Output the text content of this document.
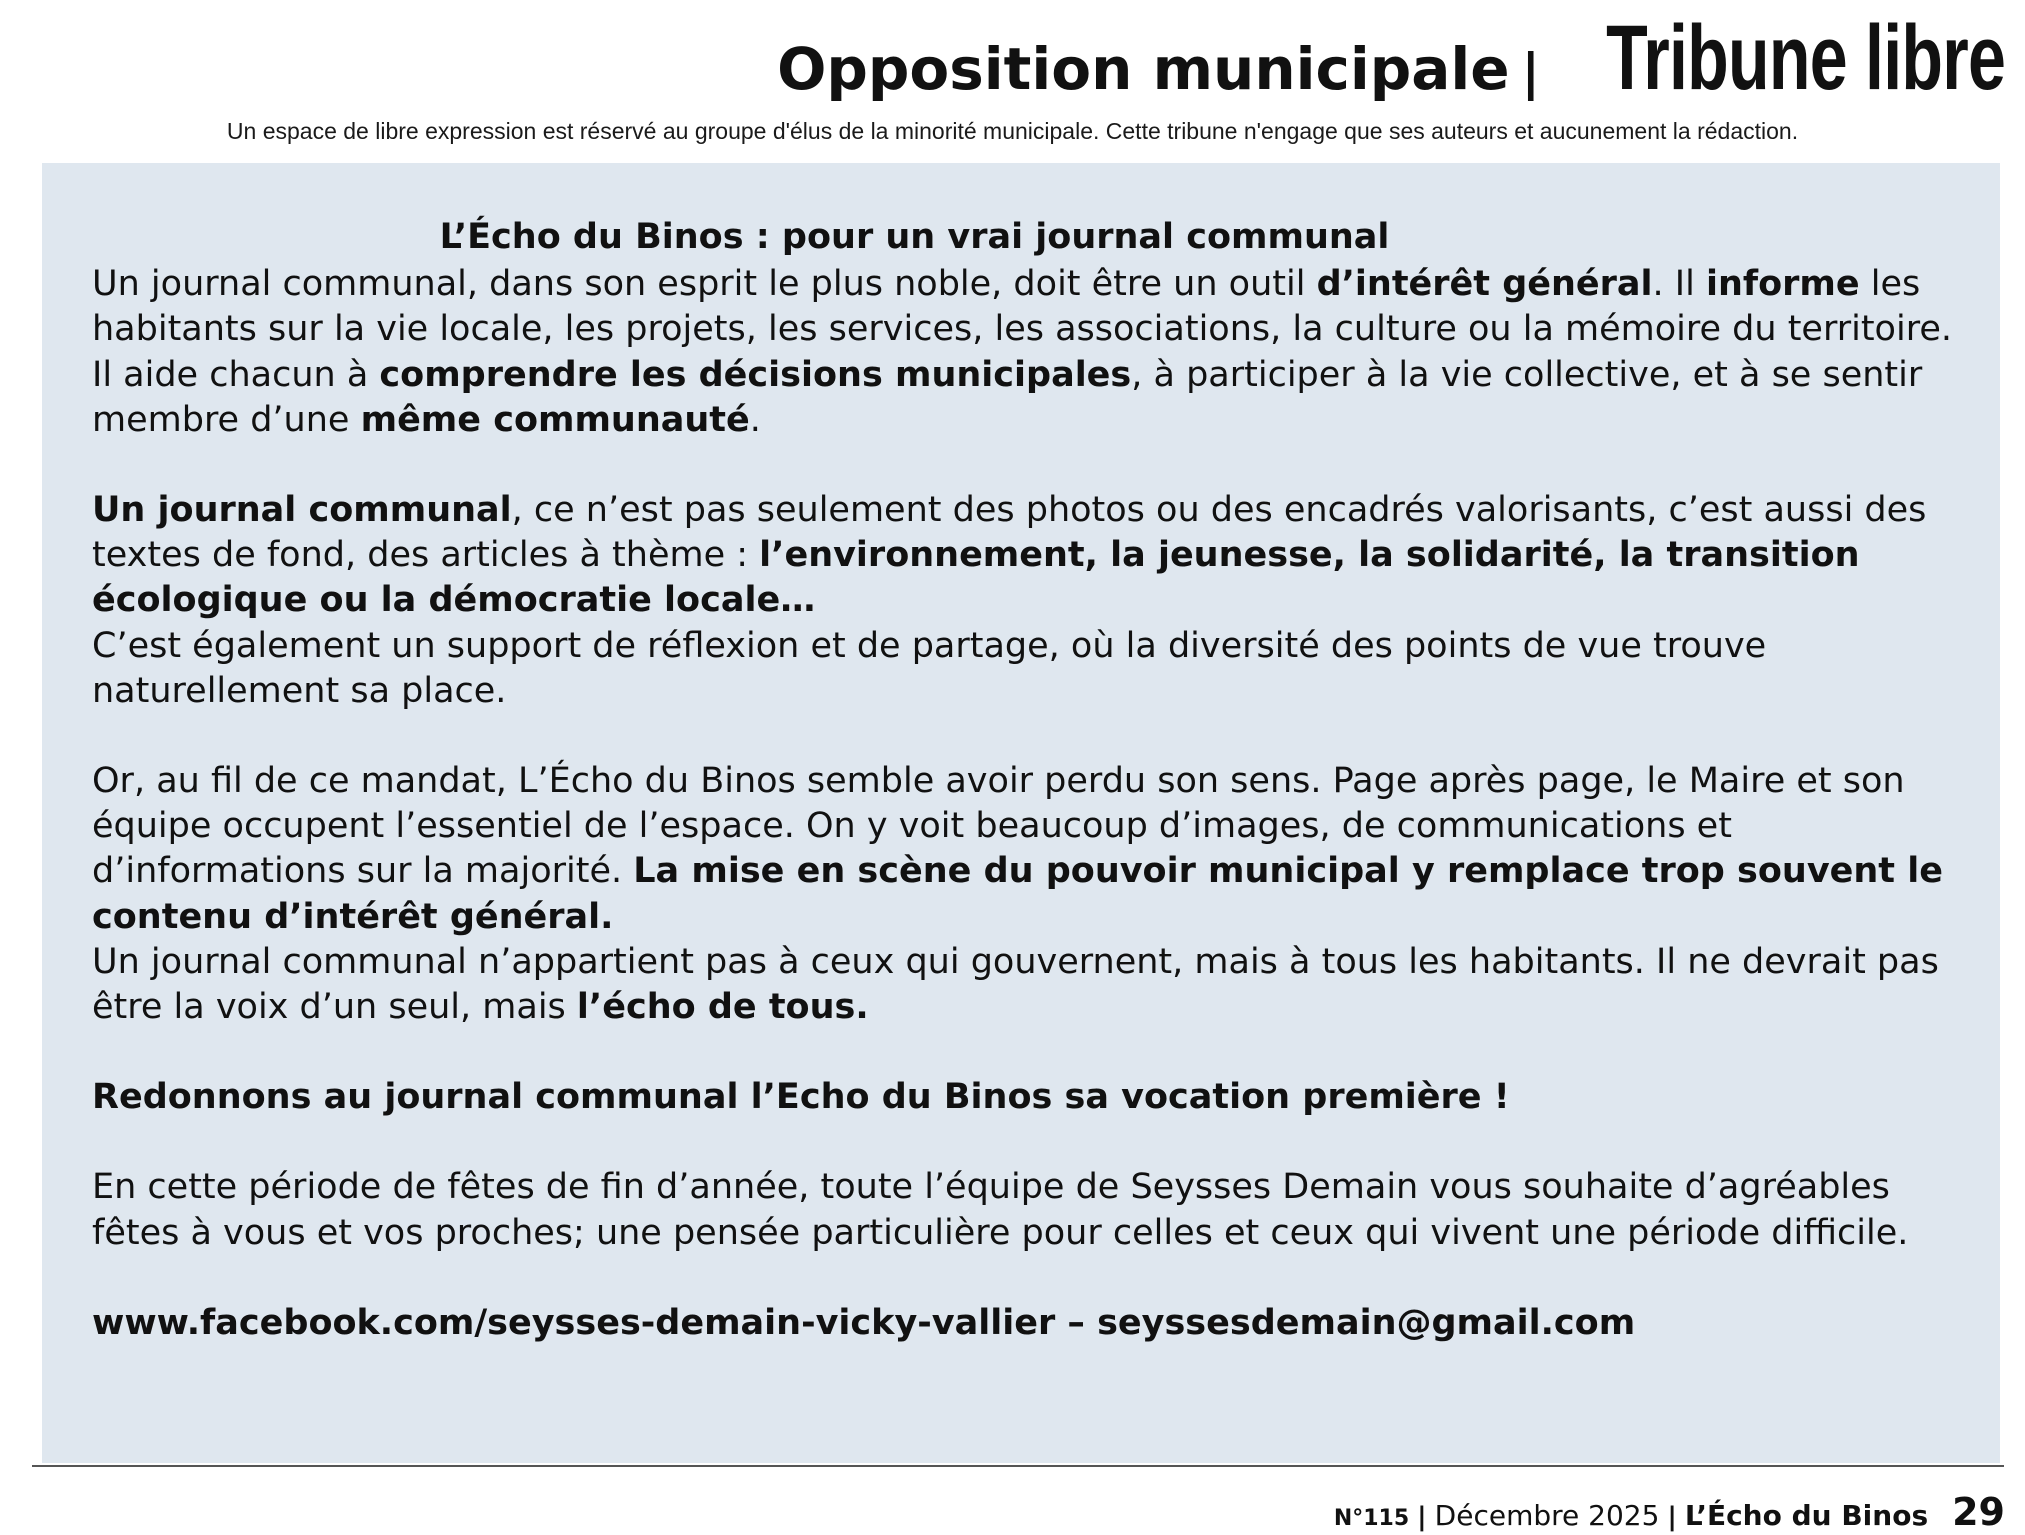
Opposition municipale | Tribune libre
Un espace de libre expression est réservé au groupe d'élus de la minorité municipale. Cette tribune n'engage que ses auteurs et aucunement la rédaction.
L’Écho du Binos : pour un vrai journal communal

Un journal communal, dans son esprit le plus noble, doit être un outil d’intérêt général. Il informe les habitants sur la vie locale, les projets, les services, les associations, la culture ou la mémoire du territoire. Il aide chacun à comprendre les décisions municipales, à participer à la vie collective, et à se sentir membre d’une même communauté.

Un journal communal, ce n’est pas seulement des photos ou des encadrés valorisants, c’est aussi des textes de fond, des articles à thème : l’environnement, la jeunesse, la solidarité, la transition écologique ou la démocratie locale…

C’est également un support de réflexion et de partage, où la diversité des points de vue trouve naturellement sa place.

Or, au fil de ce mandat, L’Écho du Binos semble avoir perdu son sens. Page après page, le Maire et son équipe occupent l’essentiel de l’espace. On y voit beaucoup d’images, de communications et d’informations sur la majorité. La mise en scène du pouvoir municipal y remplace trop souvent le contenu d’intérêt général.

Un journal communal n’appartient pas à ceux qui gouvernent, mais à tous les habitants. Il ne devrait pas être la voix d’un seul, mais l’écho de tous.

Redonnons au journal communal l’Echo du Binos sa vocation première !

En cette période de fêtes de fin d’année, toute l’équipe de Seysses Demain vous souhaite d’agréables fêtes à vous et vos proches; une pensée particulière pour celles et ceux qui vivent une période difficile.

www.facebook.com/seysses-demain-vicky-vallier – seyssesdemain@gmail.com

N°115 | Décembre 2025 | L’Écho du Binos 29
